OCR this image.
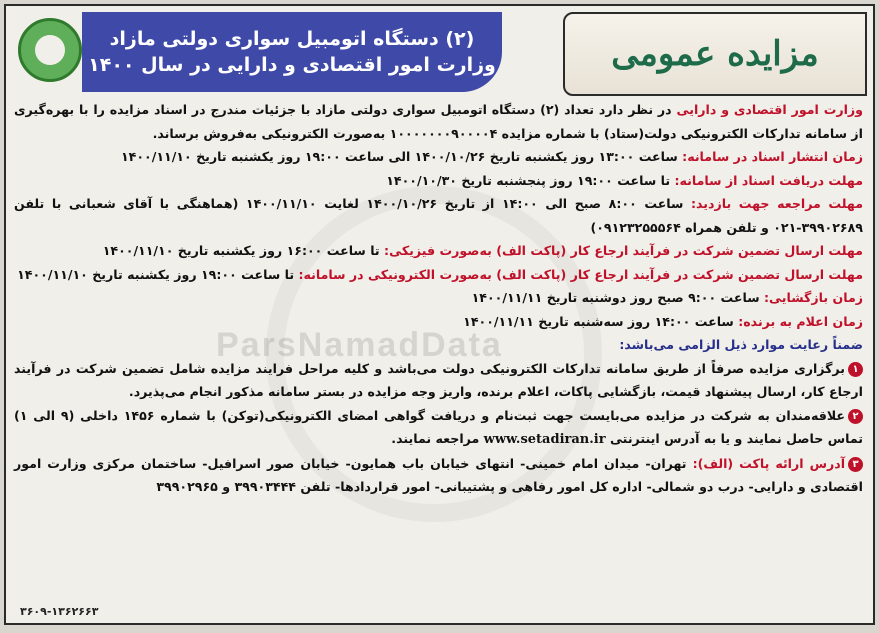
ParsNamadData
(۲) دستگاه اتومبیل سواری دولتی مازاد
وزارت امور اقتصادی و دارایی در سال ۱۴۰۰	مزایده عمومی

وزارت امور اقتصادی و دارایی در نظر دارد تعداد (۲) دستگاه اتومبیل سواری دولتی مازاد با جزئیات مندرج در اسناد مزایده را با بهره‌گیری از سامانه تدارکات الکترونیکی دولت(ستاد) با شماره مزایده ۱۰۰۰۰۰۰۰۹۰۰۰۰۴ به‌صورت الکترونیکی به‌فروش برساند.

زمان انتشار اسناد در سامانه: ساعت ۱۳:۰۰ روز یکشنبه تاریخ ۱۴۰۰/۱۰/۲۶ الی ساعت ۱۹:۰۰ روز یکشنبه تاریخ ۱۴۰۰/۱۱/۱۰

مهلت دریافت اسناد از سامانه: تا ساعت ۱۹:۰۰ روز پنجشنبه تاریخ ۱۴۰۰/۱۰/۳۰

مهلت مراجعه جهت بازدید: ساعت ۸:۰۰ صبح الی ۱۴:۰۰ از تاریخ ۱۴۰۰/۱۰/۲۶ لغایت ۱۴۰۰/۱۱/۱۰ (هماهنگی با آقای شعبانی با تلفن ۳۹۹۰۲۶۸۹-۰۲۱ و تلفن همراه ۰۹۱۲۳۲۵۵۵۶۴)

مهلت ارسال تضمین شرکت در فرآیند ارجاع کار (پاکت الف) به‌صورت فیزیکی: تا ساعت ۱۶:۰۰ روز یکشنبه تاریخ ۱۴۰۰/۱۱/۱۰

مهلت ارسال تضمین شرکت در فرآیند ارجاع کار (پاکت الف) به‌صورت الکترونیکی در سامانه: تا ساعت ۱۹:۰۰ روز یکشنبه تاریخ ۱۴۰۰/۱۱/۱۰

زمان بازگشایی: ساعت ۹:۰۰ صبح روز دوشنبه تاریخ ۱۴۰۰/۱۱/۱۱

زمان اعلام به برنده: ساعت ۱۴:۰۰ روز سه‌شنبه تاریخ ۱۴۰۰/۱۱/۱۱

ضمناً رعایت موارد ذیل الزامی می‌باشد:

۱برگزاری مزایده صرفاً از طریق سامانه تدارکات الکترونیکی دولت می‌باشد و کلیه مراحل فرایند مزایده شامل تضمین شرکت در فرآیند ارجاع کار، ارسال پیشنهاد قیمت، بازگشایی پاکات، اعلام برنده، واریز وجه مزایده در بستر سامانه مذکور انجام می‌پذیرد.

۲علاقه‌مندان به شرکت در مزایده می‌بایست جهت ثبت‌نام و دریافت گواهی امضای الکترونیکی(توکن) با شماره ۱۴۵۶ داخلی (۹ الی ۱) تماس حاصل نمایند و یا به آدرس اینترنتی www.setadiran.ir مراجعه نمایند.

۳آدرس ارائه پاکت (الف): تهران- میدان امام خمینی- انتهای خیابان باب همایون- خیابان صور اسرافیل- ساختمان مرکزی وزارت امور اقتصادی و دارایی- درب دو شمالی- اداره کل امور رفاهی و پشتیبانی- امور قراردادها- تلفن ۳۹۹۰۳۴۴۴ و ۳۹۹۰۲۹۶۵

۳۶۰۹-۱۳۶۲۶۶۳
